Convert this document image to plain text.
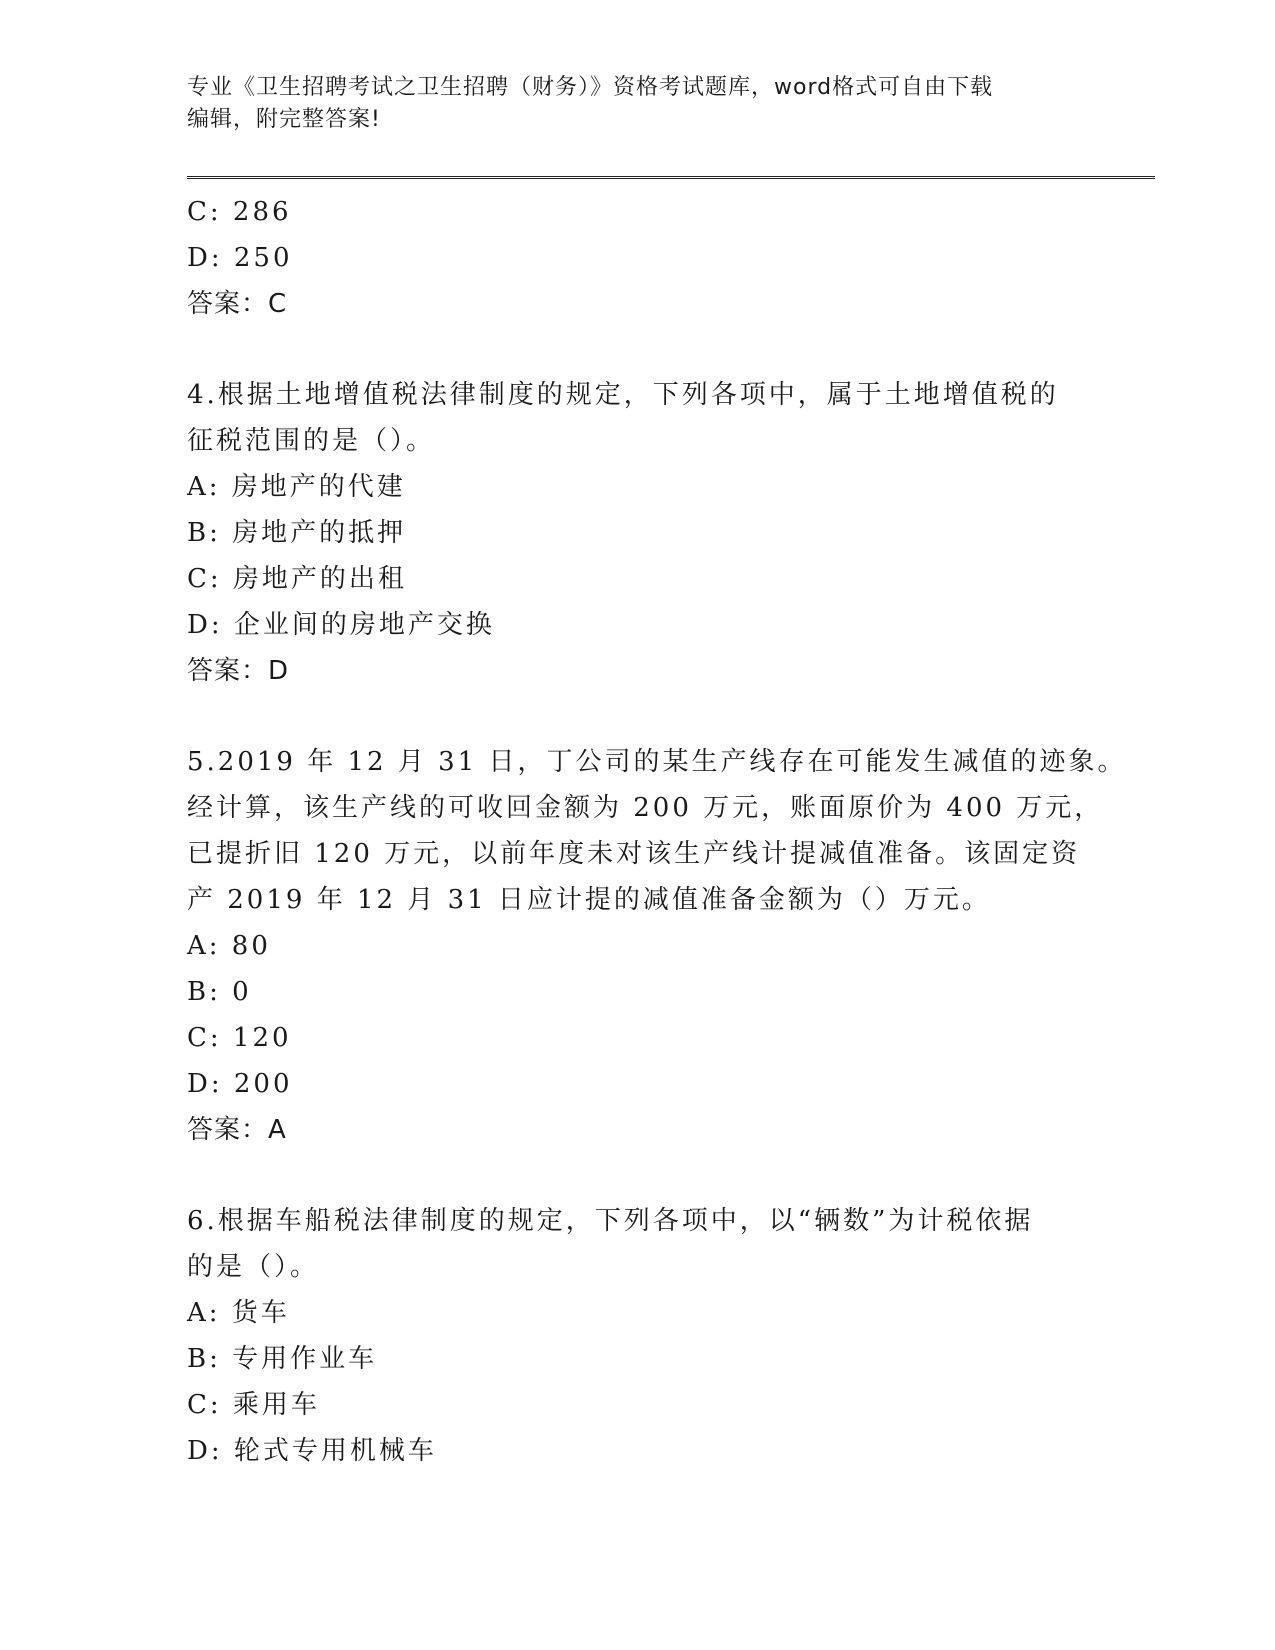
专业《卫生招聘考试之卫生招聘（财务）》资格考试题库，word格式可自由下载
编辑，附完整答案!
C: 286
D: 250
答案：C
4.根据土地增值税法律制度的规定，下列各项中，属于土地增值税的
征税范围的是（）。
A: 房地产的代建
B: 房地产的抵押
C: 房地产的出租
D: 企业间的房地产交换
答案：D
5.2019 年 12 月 31 日，丁公司的某生产线存在可能发生减值的迹象。
经计算，该生产线的可收回金额为 200 万元，账面原价为 400 万元，
已提折旧 120 万元，以前年度未对该生产线计提减值准备。该固定资
产 2019 年 12 月 31 日应计提的减值准备金额为（）万元。
A: 80
B: 0
C: 120
D: 200
答案：A
6.根据车船税法律制度的规定，下列各项中，以“辆数”为计税依据
的是（）。
A: 货车
B: 专用作业车
C: 乘用车
D: 轮式专用机械车
